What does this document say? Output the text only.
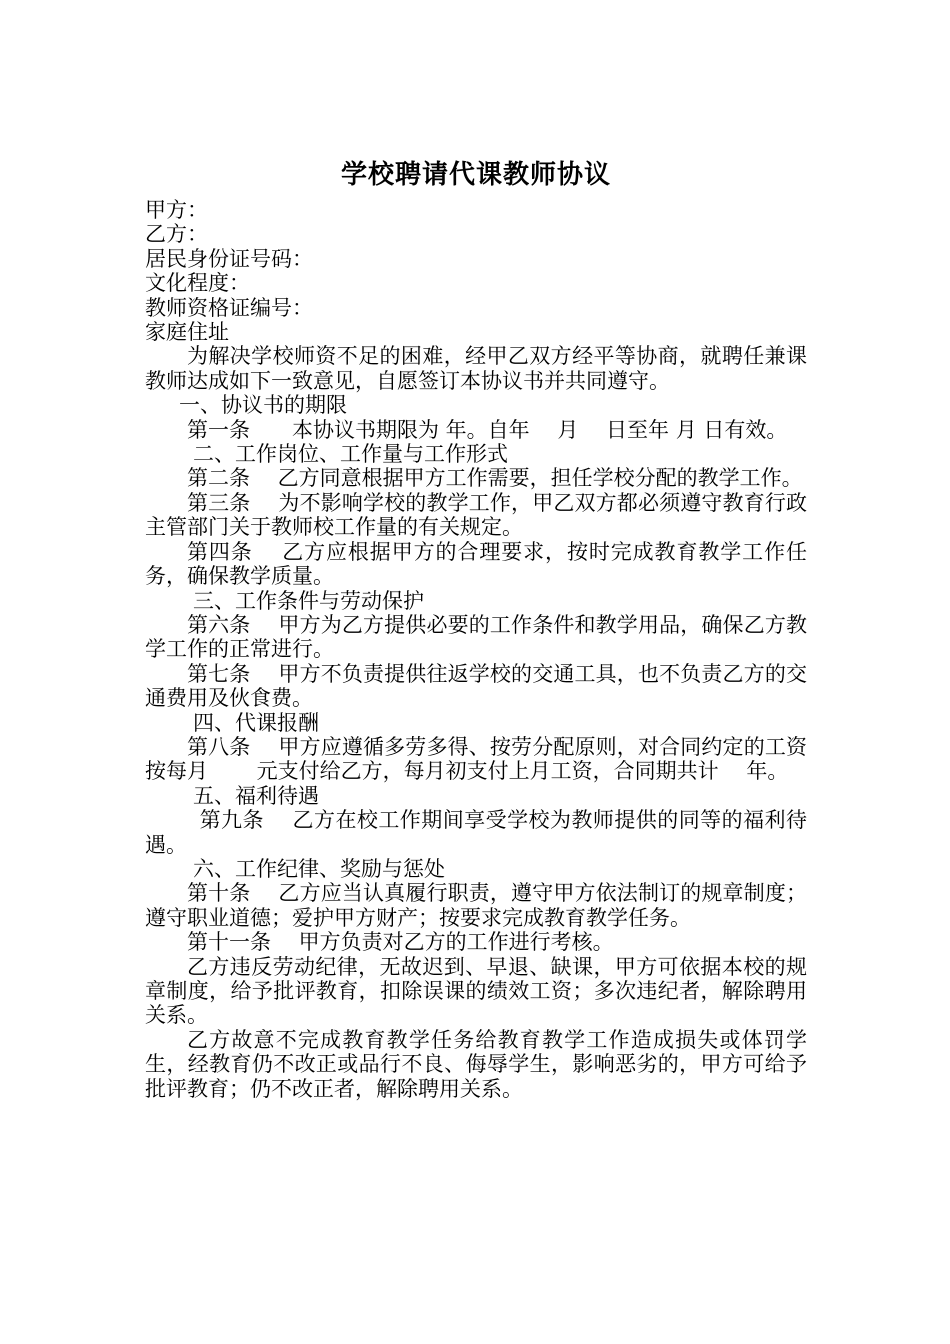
学校聘请代课教师协议

甲方：

乙方：

居民身份证号码：

文化程度：

教师资格证编号：

家庭住址

为解决学校师资不足的困难，经甲乙双方经平等协商，就聘任兼课教师达成如下一致意见，自愿签订本协议书并共同遵守。

一、协议书的期限

第一条　　本协议书期限为 年。自年　 月　 日至年 月 日有效。

二、工作岗位、工作量与工作形式

第二条　 乙方同意根据甲方工作需要，担任学校分配的教学工作。

第三条　 为不影响学校的教学工作，甲乙双方都必须遵守教育行政主管部门关于教师校工作量的有关规定。

第四条　 乙方应根据甲方的合理要求，按时完成教育教学工作任务，确保教学质量。

三、工作条件与劳动保护

第六条　 甲方为乙方提供必要的工作条件和教学用品，确保乙方教学工作的正常进行。

第七条　 甲方不负责提供往返学校的交通工具，也不负责乙方的交通费用及伙食费。

四、代课报酬

第八条　 甲方应遵循多劳多得、按劳分配原则，对合同约定的工资按每月　　 元支付给乙方，每月初支付上月工资，合同期共计　 年。

五、福利待遇

第九条　 乙方在校工作期间享受学校为教师提供的同等的福利待遇。

六、工作纪律、奖励与惩处

第十条　 乙方应当认真履行职责，遵守甲方依法制订的规章制度；遵守职业道德；爱护甲方财产；按要求完成教育教学任务。

第十一条　 甲方负责对乙方的工作进行考核。

乙方违反劳动纪律，无故迟到、早退、缺课，甲方可依据本校的规章制度，给予批评教育，扣除误课的绩效工资；多次违纪者，解除聘用关系。

乙方故意不完成教育教学任务给教育教学工作造成损失或体罚学生，经教育仍不改正或品行不良、侮辱学生，影响恶劣的，甲方可给予批评教育；仍不改正者，解除聘用关系。
